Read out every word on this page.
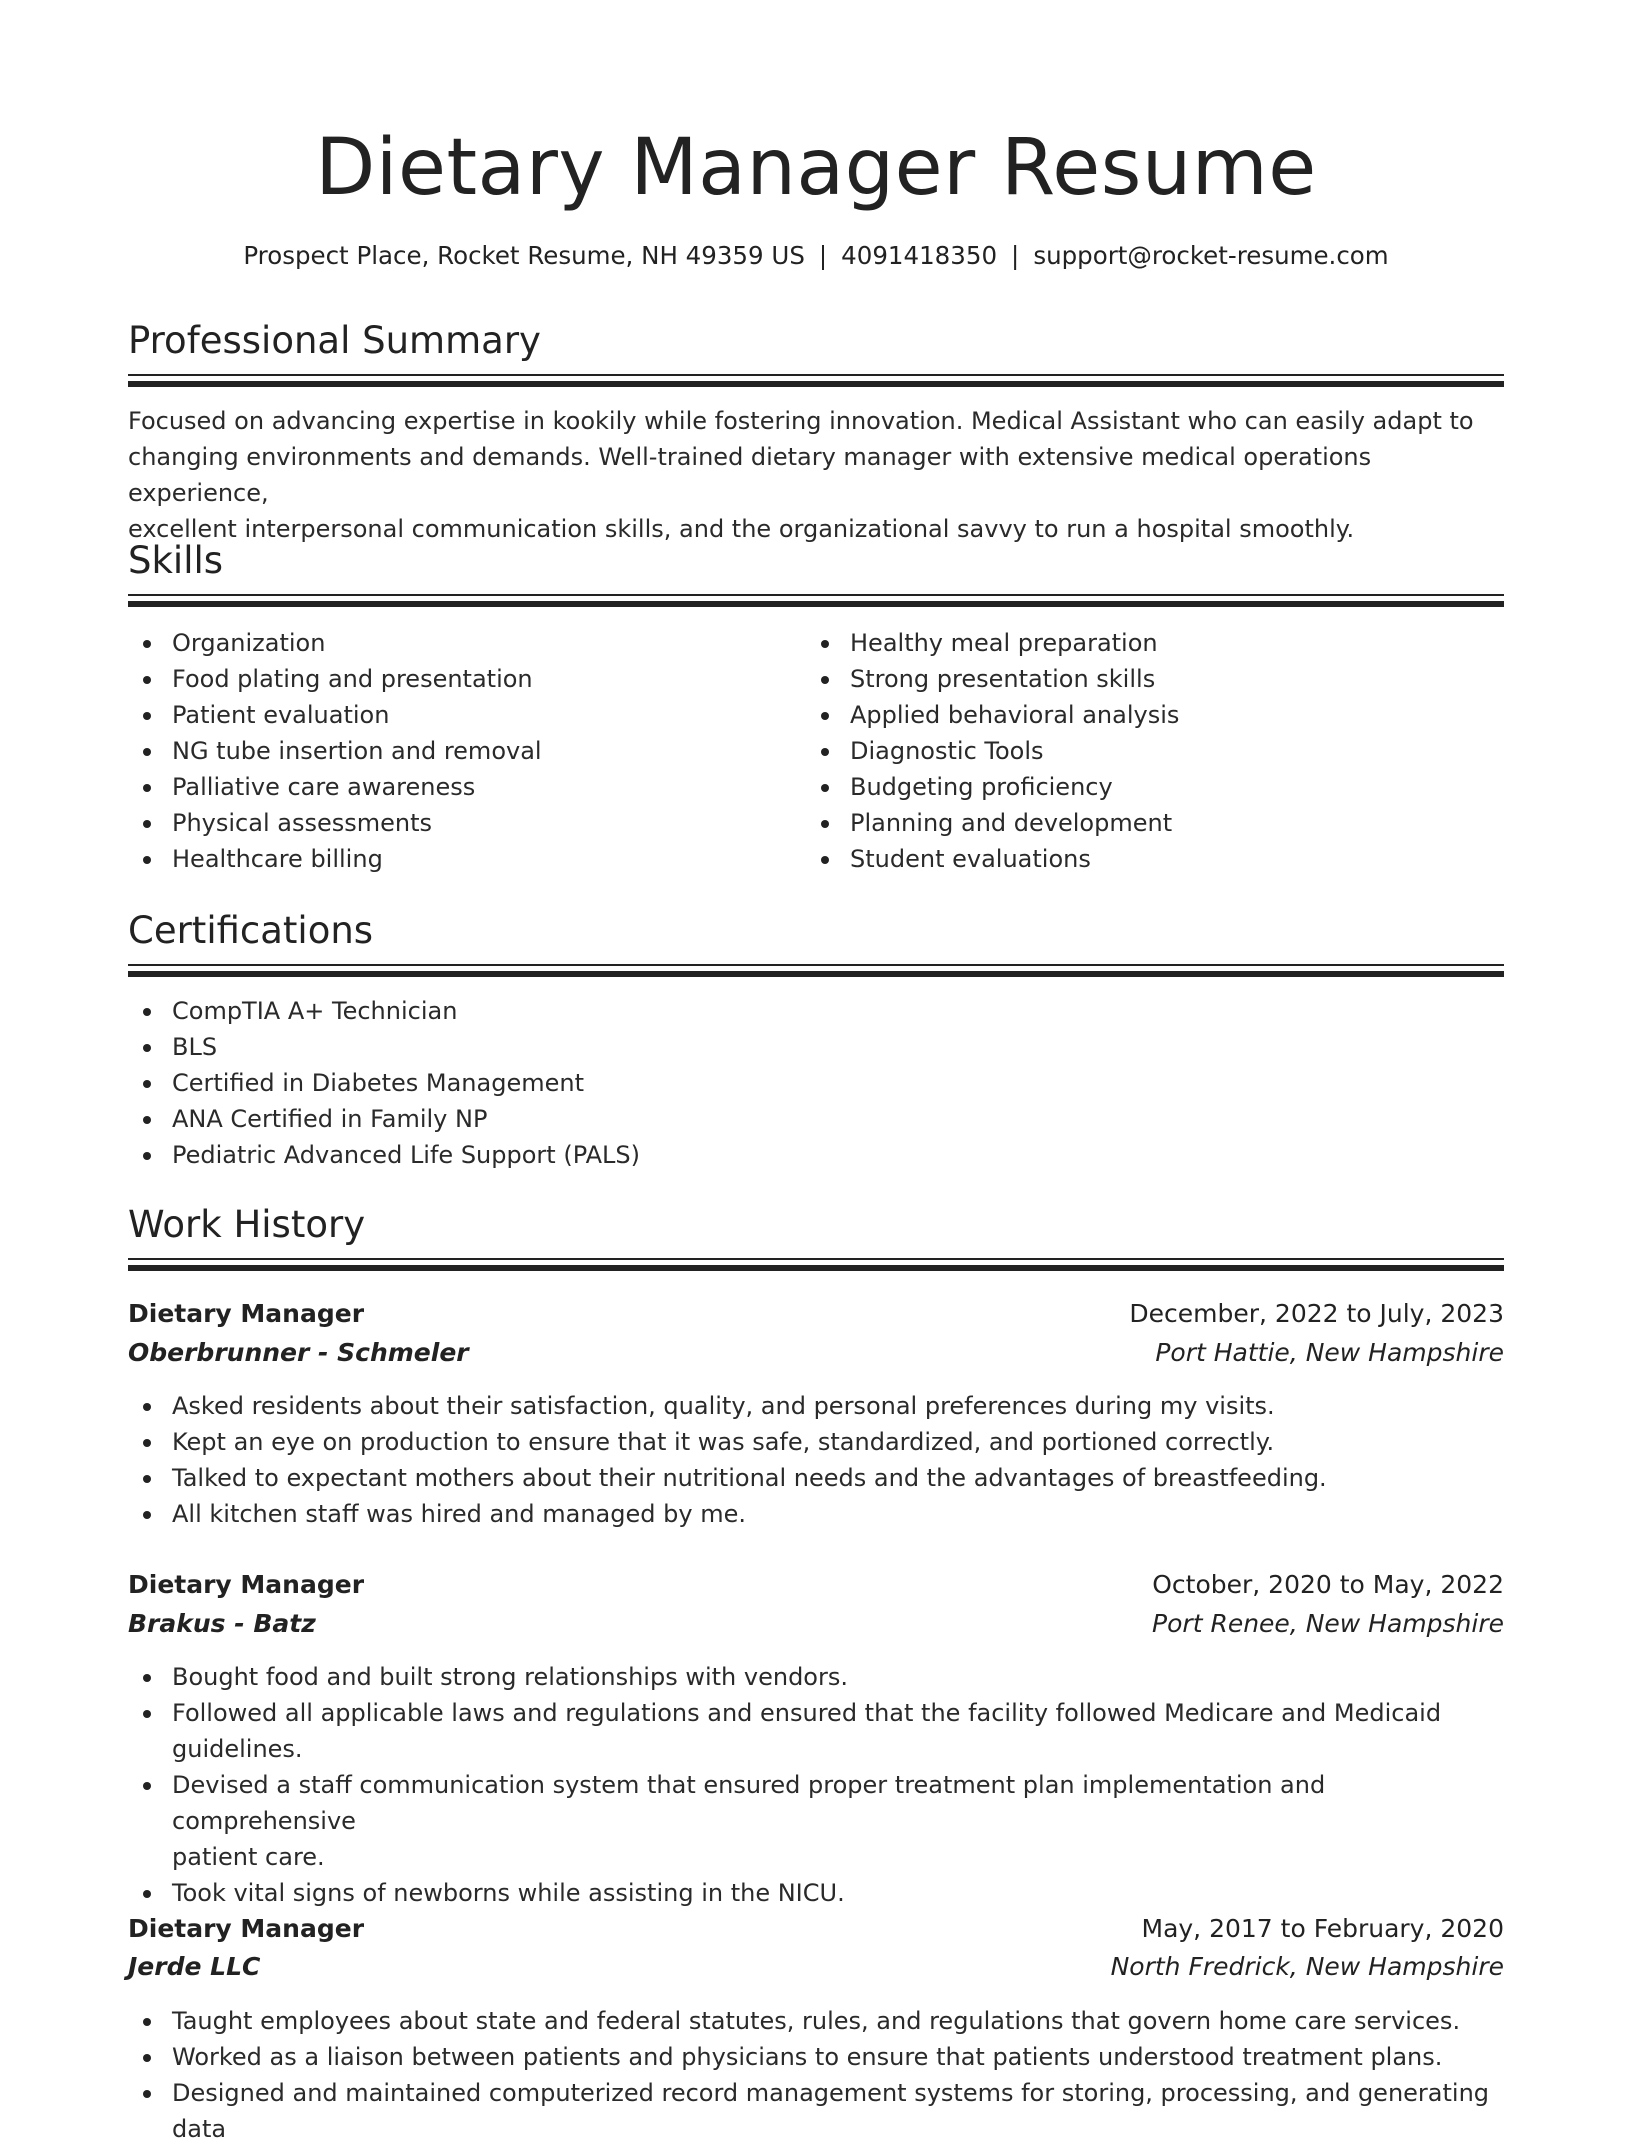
Dietary Manager Resume
Prospect Place, Rocket Resume, NH 49359 US | 4091418350 | support@rocket-resume.com
Professional Summary
Focused on advancing expertise in kookily while fostering innovation. Medical Assistant who can easily adapt to
changing environments and demands. Well-trained dietary manager with extensive medical operations experience,
excellent interpersonal communication skills, and the organizational savvy to run a hospital smoothly.
Skills
Organization
Food plating and presentation
Patient evaluation
NG tube insertion and removal
Palliative care awareness
Physical assessments
Healthcare billing
Healthy meal preparation
Strong presentation skills
Applied behavioral analysis
Diagnostic Tools
Budgeting proficiency
Planning and development
Student evaluations
Certifications
CompTIA A+ Technician
BLS
Certified in Diabetes Management
ANA Certified in Family NP
Pediatric Advanced Life Support (PALS)
Work History
Dietary Manager	December, 2022 to July, 2023
Oberbrunner - Schmeler	Port Hattie, New Hampshire
Asked residents about their satisfaction, quality, and personal preferences during my visits.
Kept an eye on production to ensure that it was safe, standardized, and portioned correctly.
Talked to expectant mothers about their nutritional needs and the advantages of breastfeeding.
All kitchen staff was hired and managed by me.
Dietary Manager	October, 2020 to May, 2022
Brakus - Batz	Port Renee, New Hampshire
Bought food and built strong relationships with vendors.
Followed all applicable laws and regulations and ensured that the facility followed Medicare and Medicaid
guidelines.
Devised a staff communication system that ensured proper treatment plan implementation and comprehensive
patient care.
Took vital signs of newborns while assisting in the NICU.
Dietary Manager	May, 2017 to February, 2020
Jerde LLC	North Fredrick, New Hampshire
Taught employees about state and federal statutes, rules, and regulations that govern home care services.
Worked as a liaison between patients and physicians to ensure that patients understood treatment plans.
Designed and maintained computerized record management systems for storing, processing, and generating data
